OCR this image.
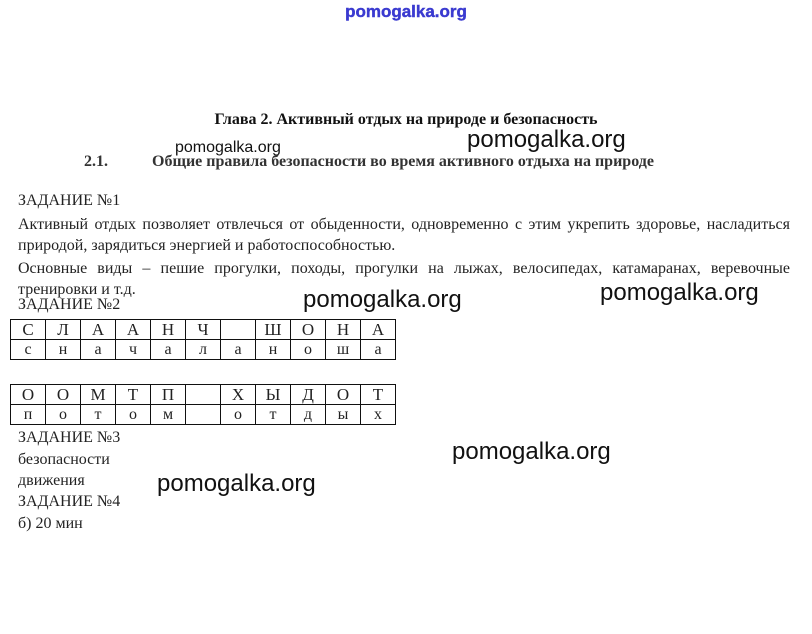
pomogalka.org
Глава 2. Активный отдых на природе и безопасность
pomogalka.org	pomogalka.org
2.1.	Общие правила безопасности во время активного отдыха на природе
ЗАДАНИЕ №1
Активный отдых позволяет отвлечься от обыденности, одновременно с этим укрепить здоровье, насладиться природой, зарядиться энергией и работоспособностью.
Основные виды – пешие прогулки, походы, прогулки на лыжах, велосипедах, катамаранах, веревочные тренировки и т.д.	pomogalka.org	pomogalka.org
ЗАДАНИЕ №2
С	Л	А	А	Н	Ч		Ш	О	Н	А
с	н	а	ч	а	л	а	н	о	ш	а
О	О	М	Т	П		Х	Ы	Д	О	Т
п	о	т	о	м		о	т	д	ы	х
ЗАДАНИЕ №3
безопасности
движения
pomogalka.org
pomogalka.org
ЗАДАНИЕ №4
б) 20 мин
